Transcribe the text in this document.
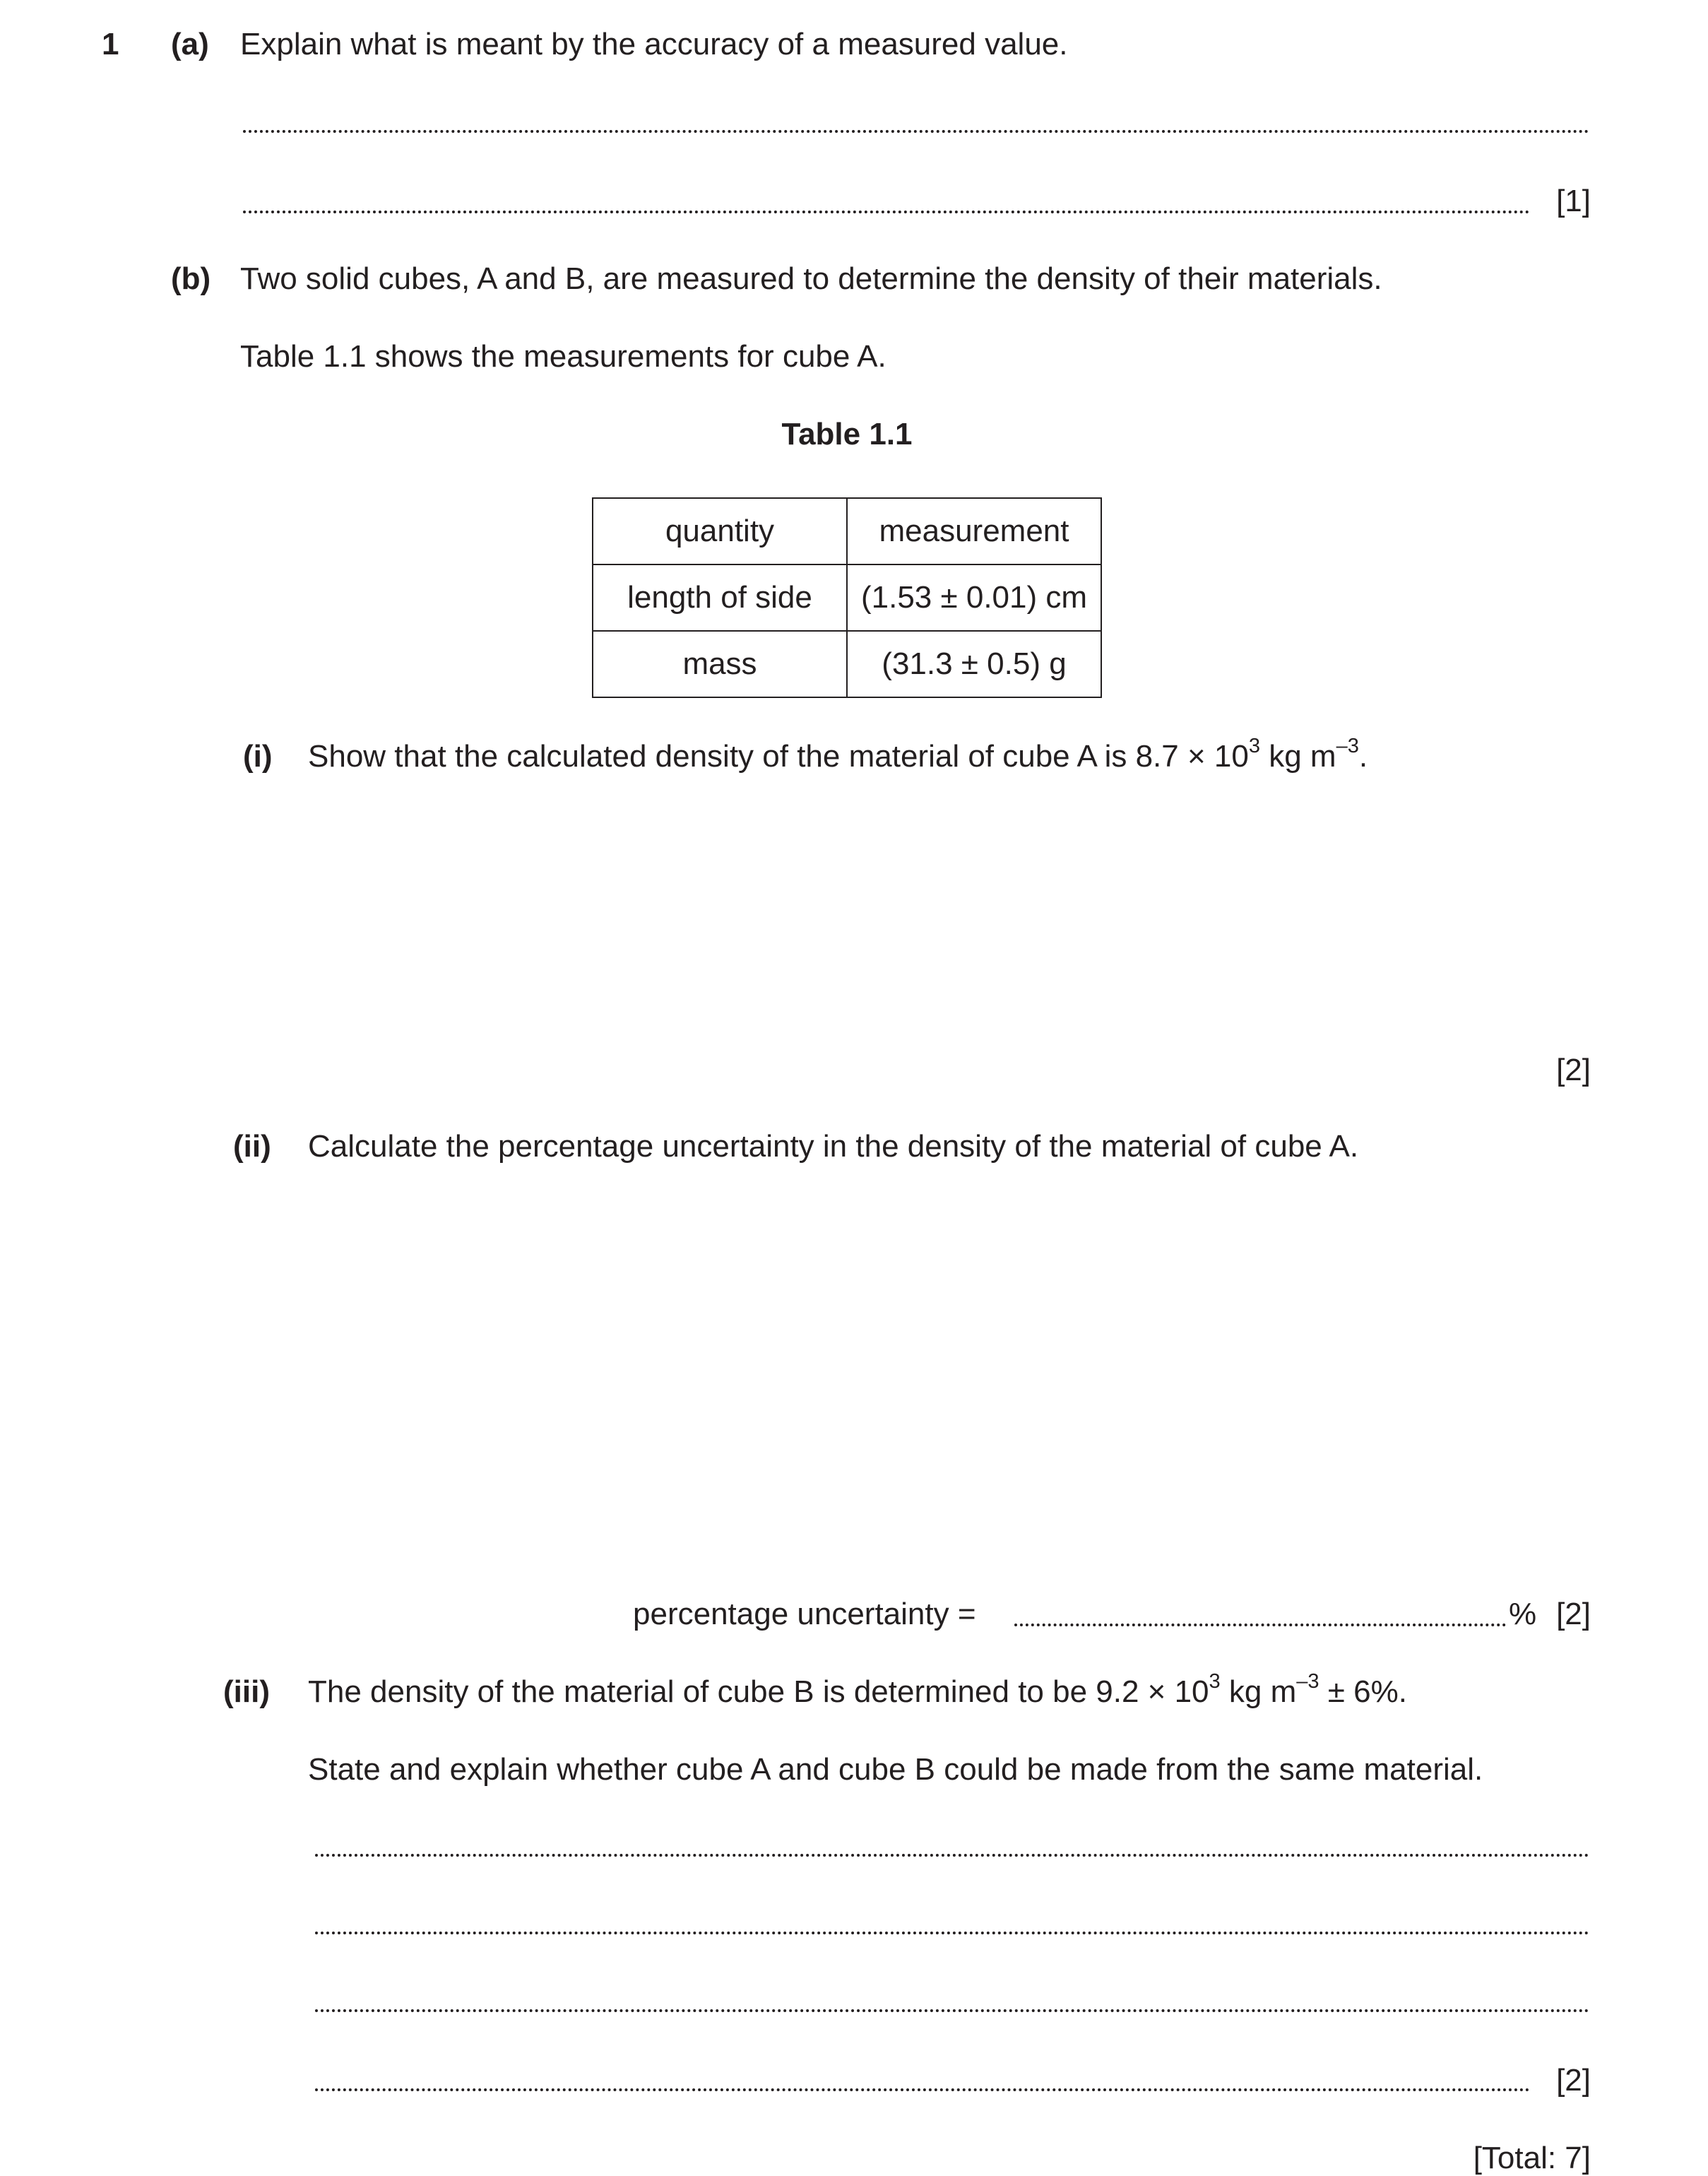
1 (a) Explain what is meant by the accuracy of a measured value.
[1]
(b) Two solid cubes, A and B, are measured to determine the density of their materials.
Table 1.1 shows the measurements for cube A.
Table 1.1
quantity	measurement
length of side	(1.53 ± 0.01) cm
mass	(31.3 ± 0.5) g
(i) Show that the calculated density of the material of cube A is $8.7 \times 10^3$ kg $m^{-3}$.
[2]
(ii) Calculate the percentage uncertainty in the density of the material of cube A.
percentage uncertainty =	% [2]
(iii) The density of the material of cube B is determined to be $9.2 \times 10^3$ kg $m^{-3} \pm 6\%$.
State and explain whether cube A and cube B could be made from the same material.
[2]
[Total: 7]
